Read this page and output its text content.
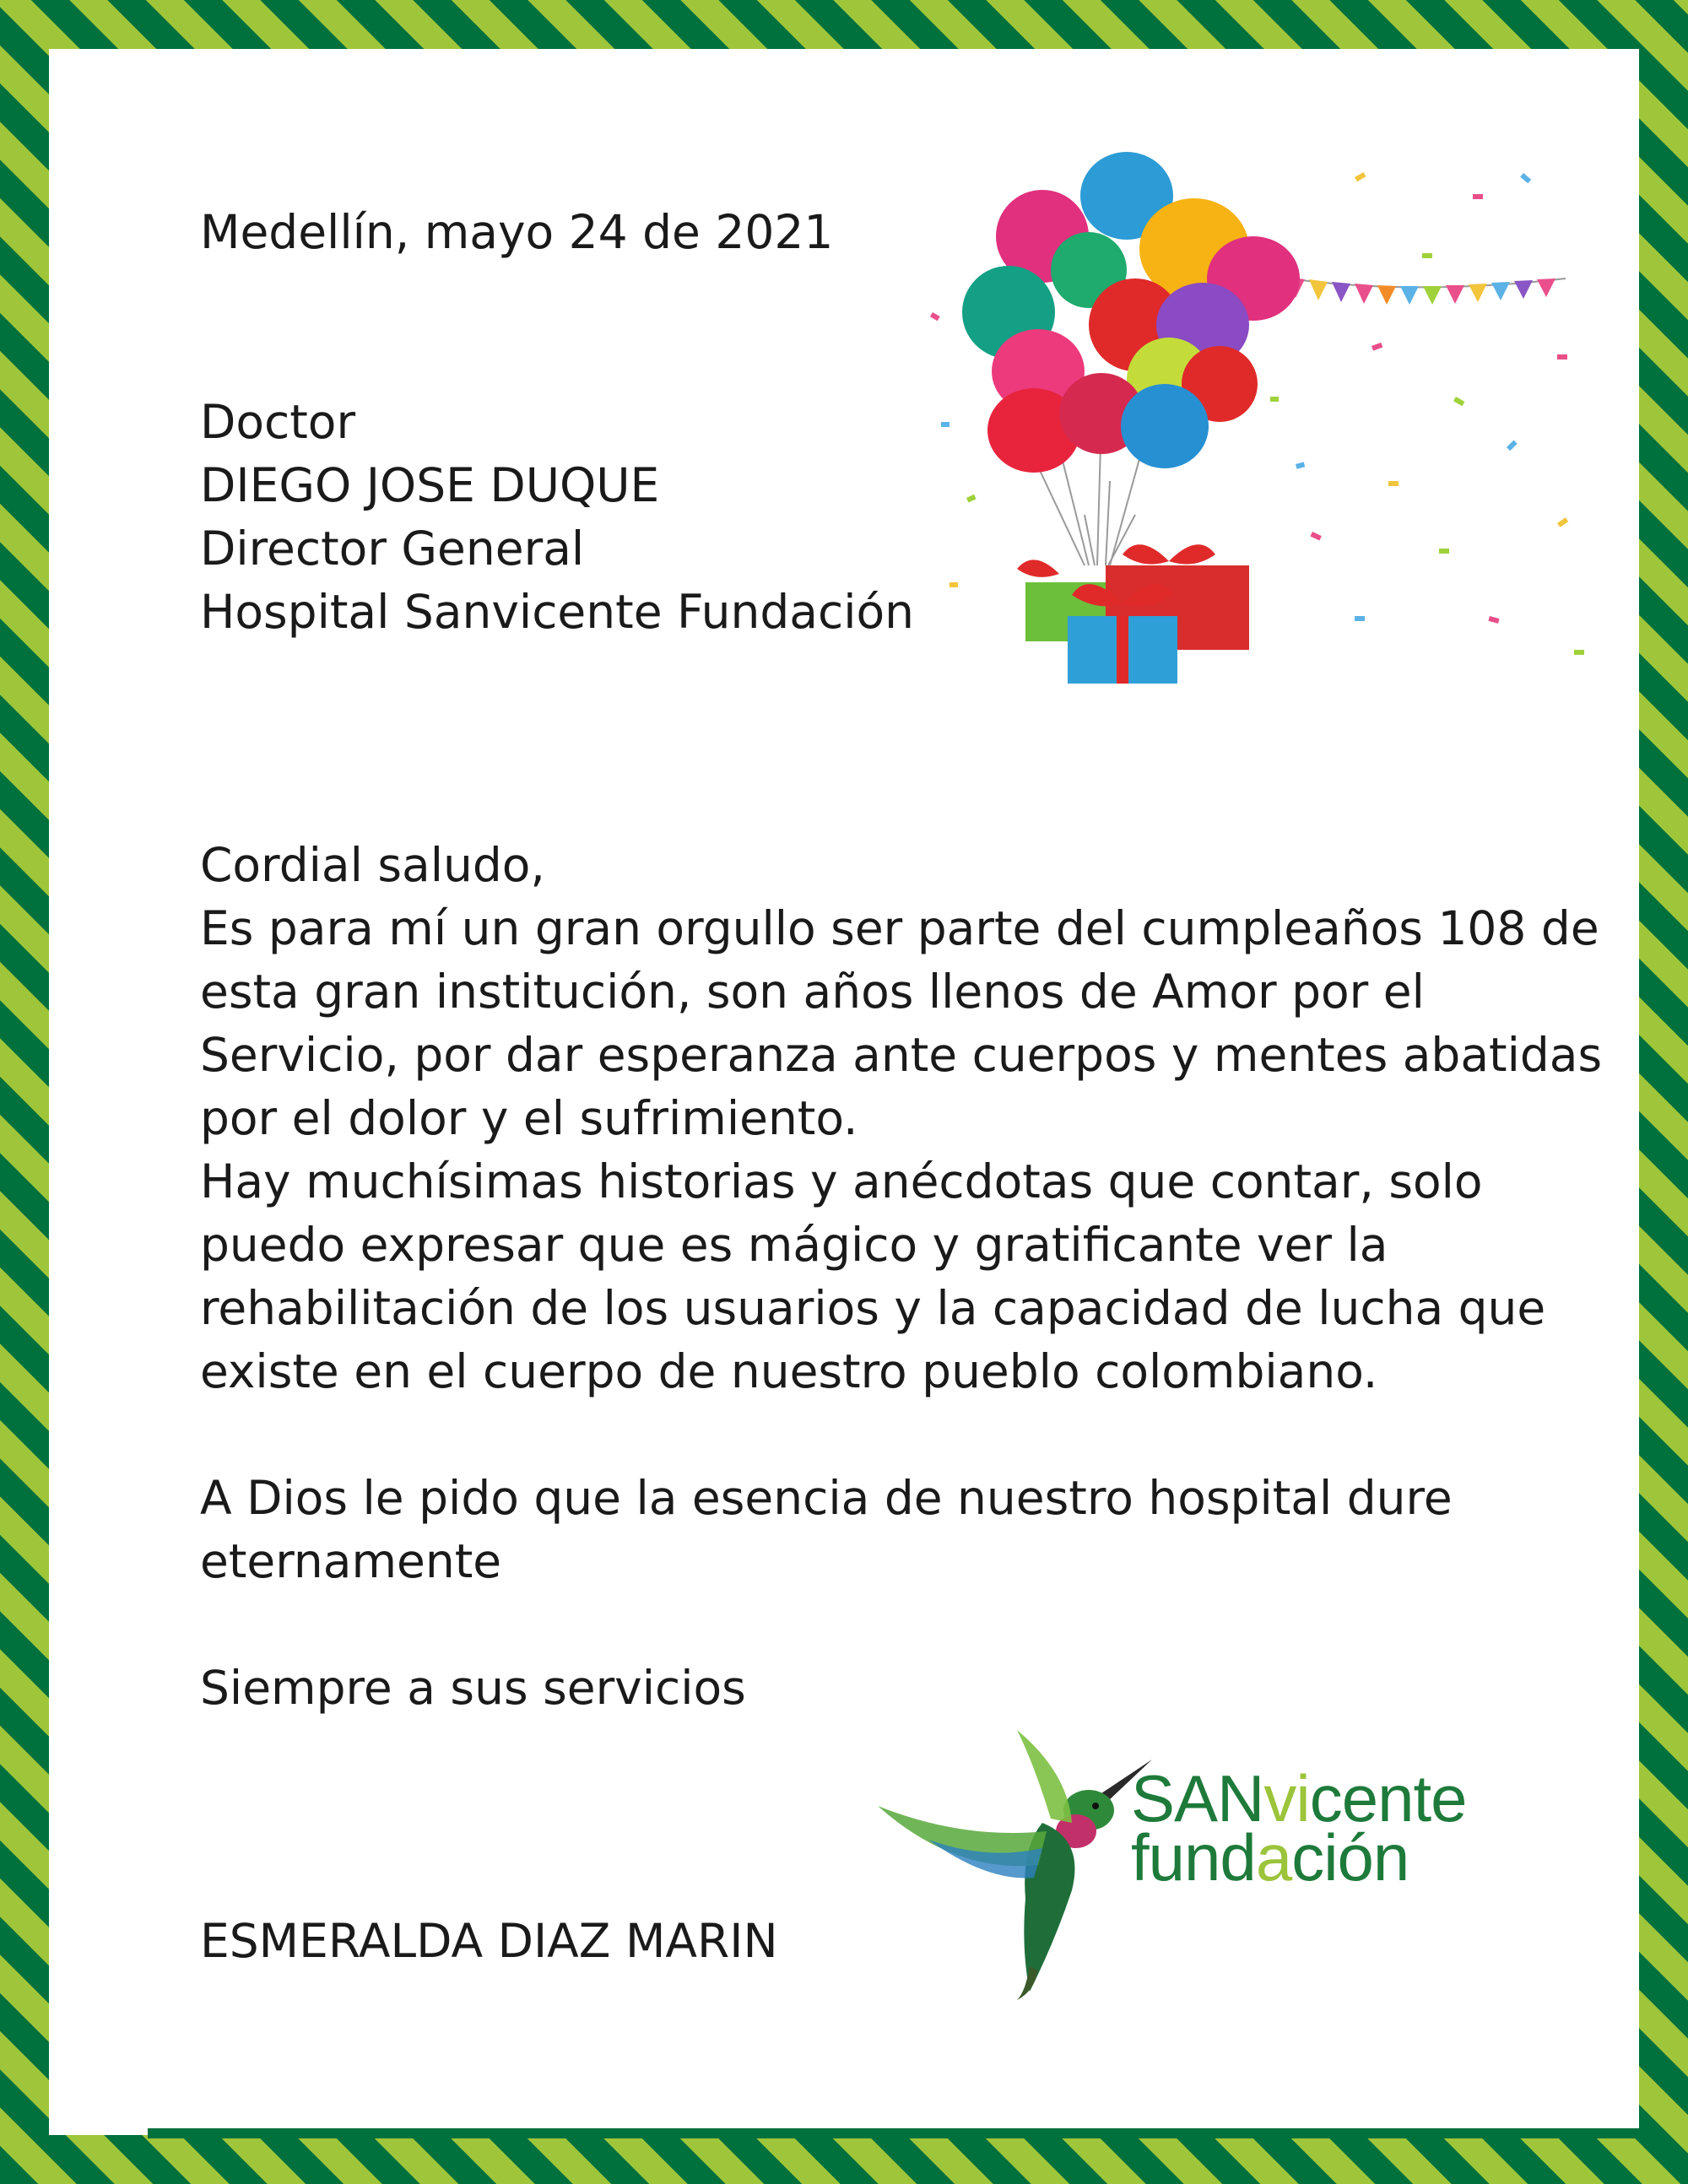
Medellín, mayo 24 de 2021
Doctor
DIEGO JOSE DUQUE
Director General
Hospital Sanvicente Fundación
Cordial saludo,
Es para mí un gran orgullo ser parte del cumpleaños 108 de
esta gran institución, son años llenos de Amor por el
Servicio, por dar esperanza ante cuerpos y mentes abatidas
por el dolor y el sufrimiento.
Hay muchísimas historias y anécdotas que contar, solo
puedo expresar que es mágico y gratificante ver la
rehabilitación de los usuarios y la capacidad de lucha que
existe en el cuerpo de nuestro pueblo colombiano.
A Dios le pido que la esencia de nuestro hospital dure
eternamente
Siempre a sus servicios
ESMERALDA DIAZ MARIN
SANvicente
fundación
